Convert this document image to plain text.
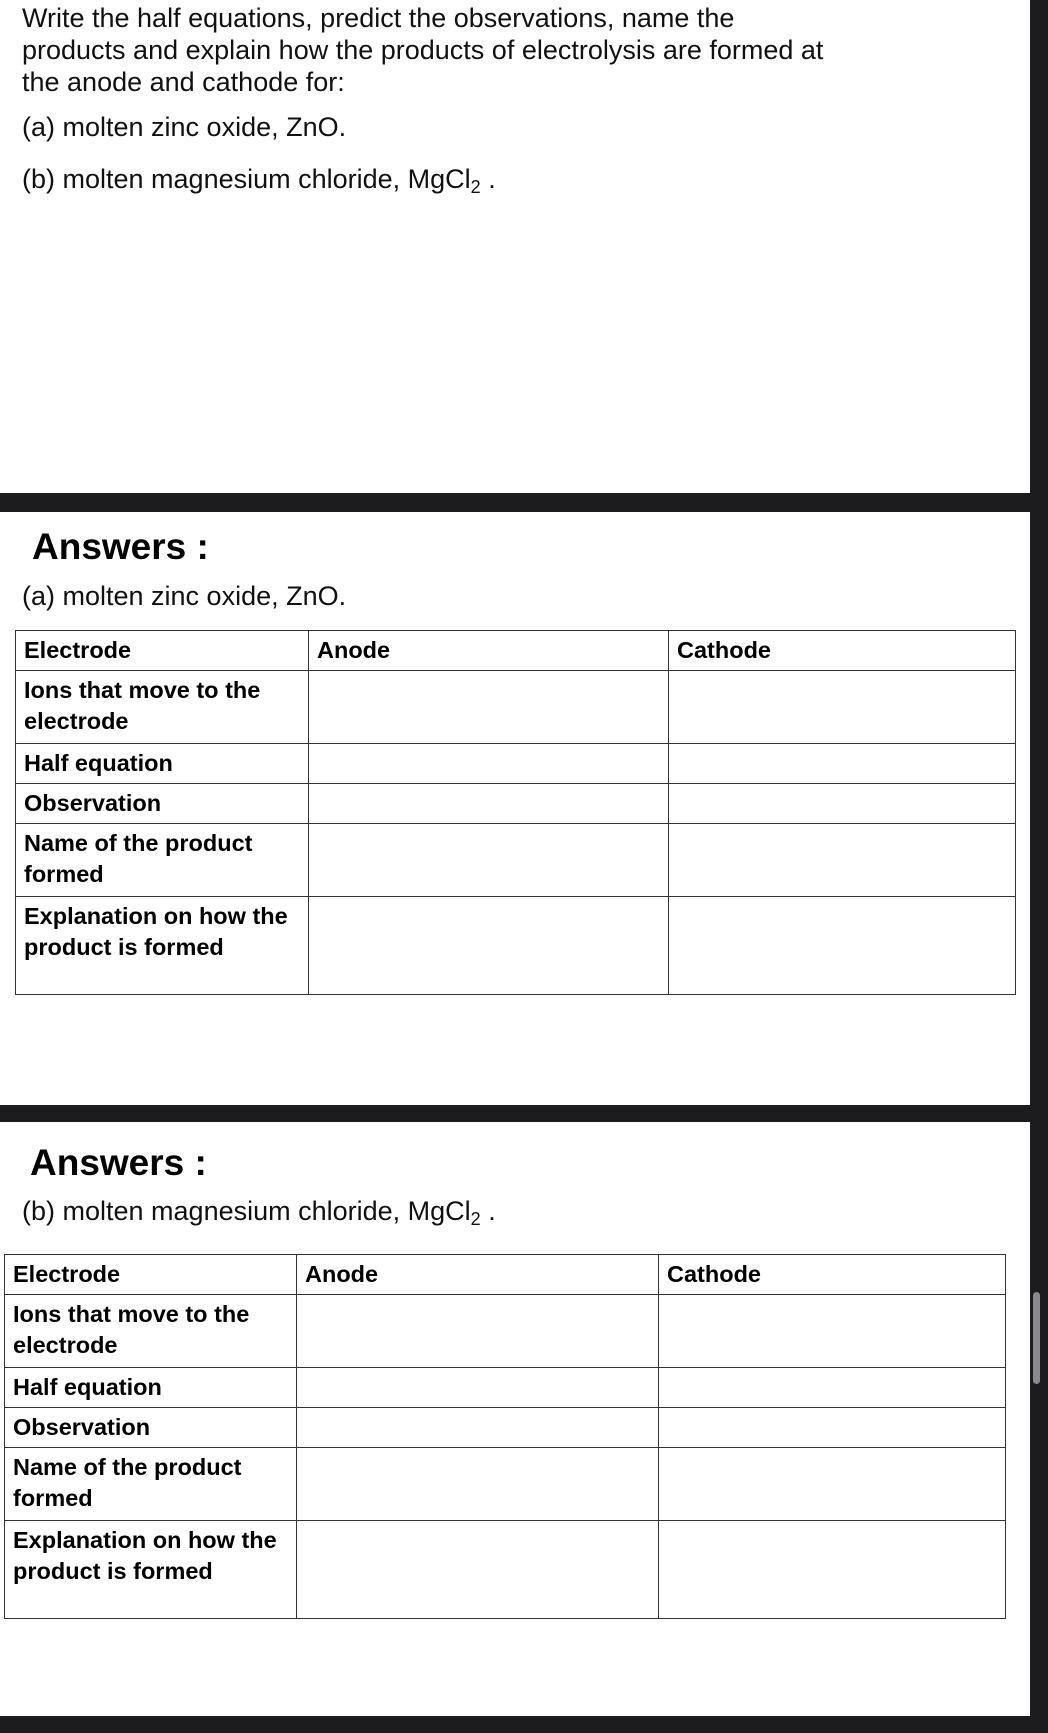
Write the half equations, predict the observations, name the
products and explain how the products of electrolysis are formed at
the anode and cathode for:
(a) molten zinc oxide, ZnO.
(b) molten magnesium chloride, MgCl$_2$ .
Answers :
(a) molten zinc oxide, ZnO.
Electrode	Anode	Cathode
Ions that move to the electrode		
Half equation		
Observation		
Name of the product formed		
Explanation on how the product is formed		
Answers :
(b) molten magnesium chloride, MgCl$_2$ .
Electrode	Anode	Cathode
Ions that move to the electrode		
Half equation		
Observation		
Name of the product formed		
Explanation on how the product is formed		
